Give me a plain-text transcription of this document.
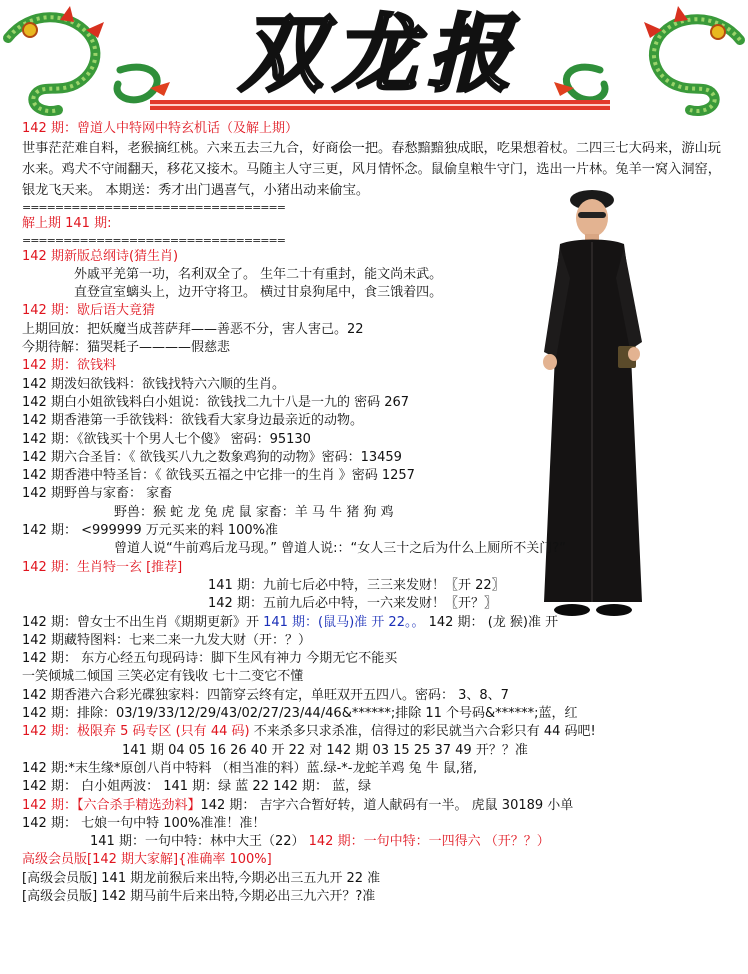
双龙报
142 期：曾道人中特网中特玄机话（及解上期）
世事茫茫难自料，老猴摘红桃。六来五去三九合，好商侩一把。春愁黯黯独成眠，吃果想着杖。二四三七大码来，游山玩水来。鸡犬不守闹翻天，移花又接木。马随主人守三更，风月情怀念。鼠偷皇粮牛守门，选出一片林。兔羊一窝入洞窑，银龙飞天来。 本期送：秀才出门遇喜气，小猪出动来偷宝。
================================
解上期 141 期:
================================
142 期新版总纲诗(猜生肖)
外戚平羌第一功，名利双全了。 生年二十有重封，能文尚未武。
直登宣室螭头上，边开守将卫。 横过甘泉狗尾中，食三饿着四。
142 期：歇后语大竟猜
上期回放：把妖魔当成菩萨拜——善恶不分，害人害己。22
今期待解：猫哭耗子————假慈悲
142 期：欲钱料
142 期泼妇欲钱料：欲钱找特六六顺的生肖。
142 期白小姐欲钱料白小姐说：欲钱找二九十八是一九的 密码 267
142 期香港第一手欲钱料：欲钱看大家身边最亲近的动物。
142 期：《欲钱买十个男人七个傻》 密码：95130
142 期六合圣旨：《 欲钱买八九之数象鸡狗的动物》密码：13459
142 期香港中特圣旨：《 欲钱买五福之中它排一的生肖 》密码 1257
142 期野兽与家畜： 家畜
野兽：猴 蛇 龙 兔 虎 鼠 家畜：羊 马 牛 猪 狗 鸡
142 期： <999999 万元买来的料 100%准
曾道人说“牛前鸡后龙马现。” 曾道人说:：“女人三十之后为什么上厕所不关门?”
142 期：生肖特一玄 [推荐]
141 期：九前七后必中特，三三来发财！〖开 22〗
142 期：五前九后必中特，一六来发财！〖开？〗
142 期：曾女士不出生肖《期期更新》开 141 期：(鼠马)准 开 22。。 142 期： (龙 猴)准 开
142 期藏特图料：七来二来一九发大财（开：？）
142 期： 东方心经五句现码诗：脚下生风有神力 今期无它不能买
一笑倾城二倾国 三笑必定有钱收 七十二变它不懂
142 期香港六合彩光碟独家料：四箭穿云终有定，单旺双开五四八。密码： 3、8、7
142 期：排除：03/19/33/12/29/43/02/27/23/44/46&******;排除 11 个号码&******;蓝，红
142 期：极限弃 5 码专区 (只有 44 码) 不来杀多只求杀准，信得过的彩民就当六合彩只有 44 码吧!
141 期 04 05 16 26 40 开 22 对 142 期 03 15 25 37 49 开？？准
142 期:*末生缘*原创八肖中特料 （相当准的料）蓝.绿-*-龙蛇羊鸡 兔 牛 鼠,猪,
142 期： 白小姐两波： 141 期：绿 蓝 22 142 期： 蓝，绿
142 期：【六合杀手精选劲料】142 期： 吉字六合暂好转，道人献码有一半。 虎鼠 30189 小单
142 期： 七娘一句中特 100%准准！准！
141 期：一句中特：林中大王（22） 142 期：一句中特：一四得六 （开？？）
高级会员版[142 期大家解]{准确率 100%]
[高级会员版] 141 期龙前猴后来出特,今期必出三五九开 22 准
[高级会员版] 142 期马前牛后来出特,今期必出三九六开？?准
